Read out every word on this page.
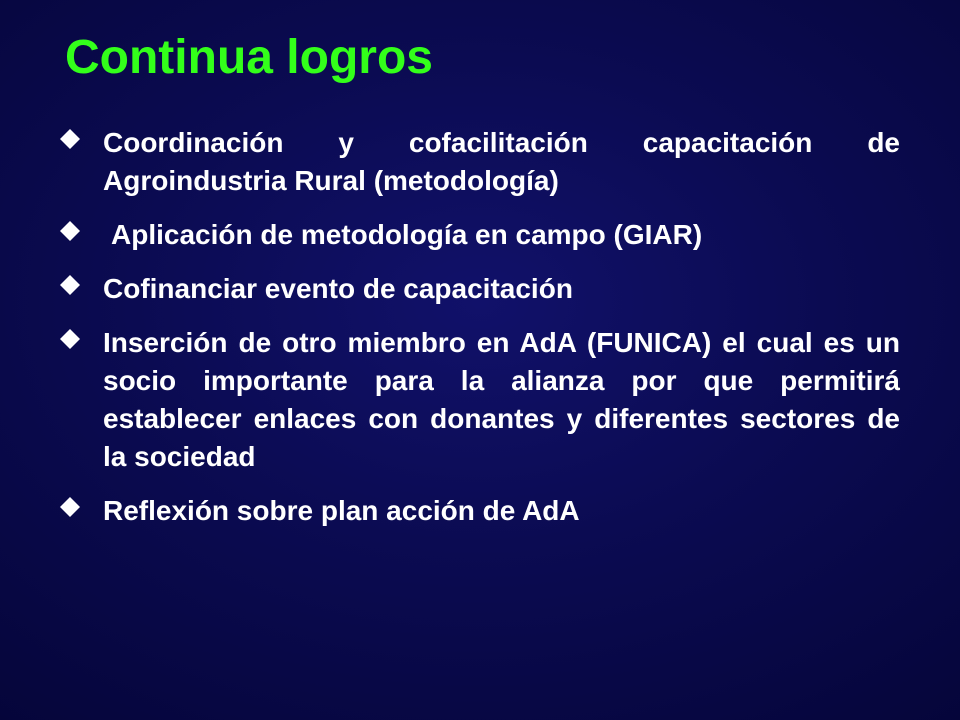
Continua logros
Coordinación y cofacilitación capacitación de Agroindustria Rural (metodología)
Aplicación de metodología en campo (GIAR)
Cofinanciar evento de capacitación
Inserción de otro miembro en AdA (FUNICA) el cual es un socio importante para la alianza por que permitirá establecer enlaces con donantes y diferentes sectores de la sociedad
Reflexión sobre plan acción de AdA
